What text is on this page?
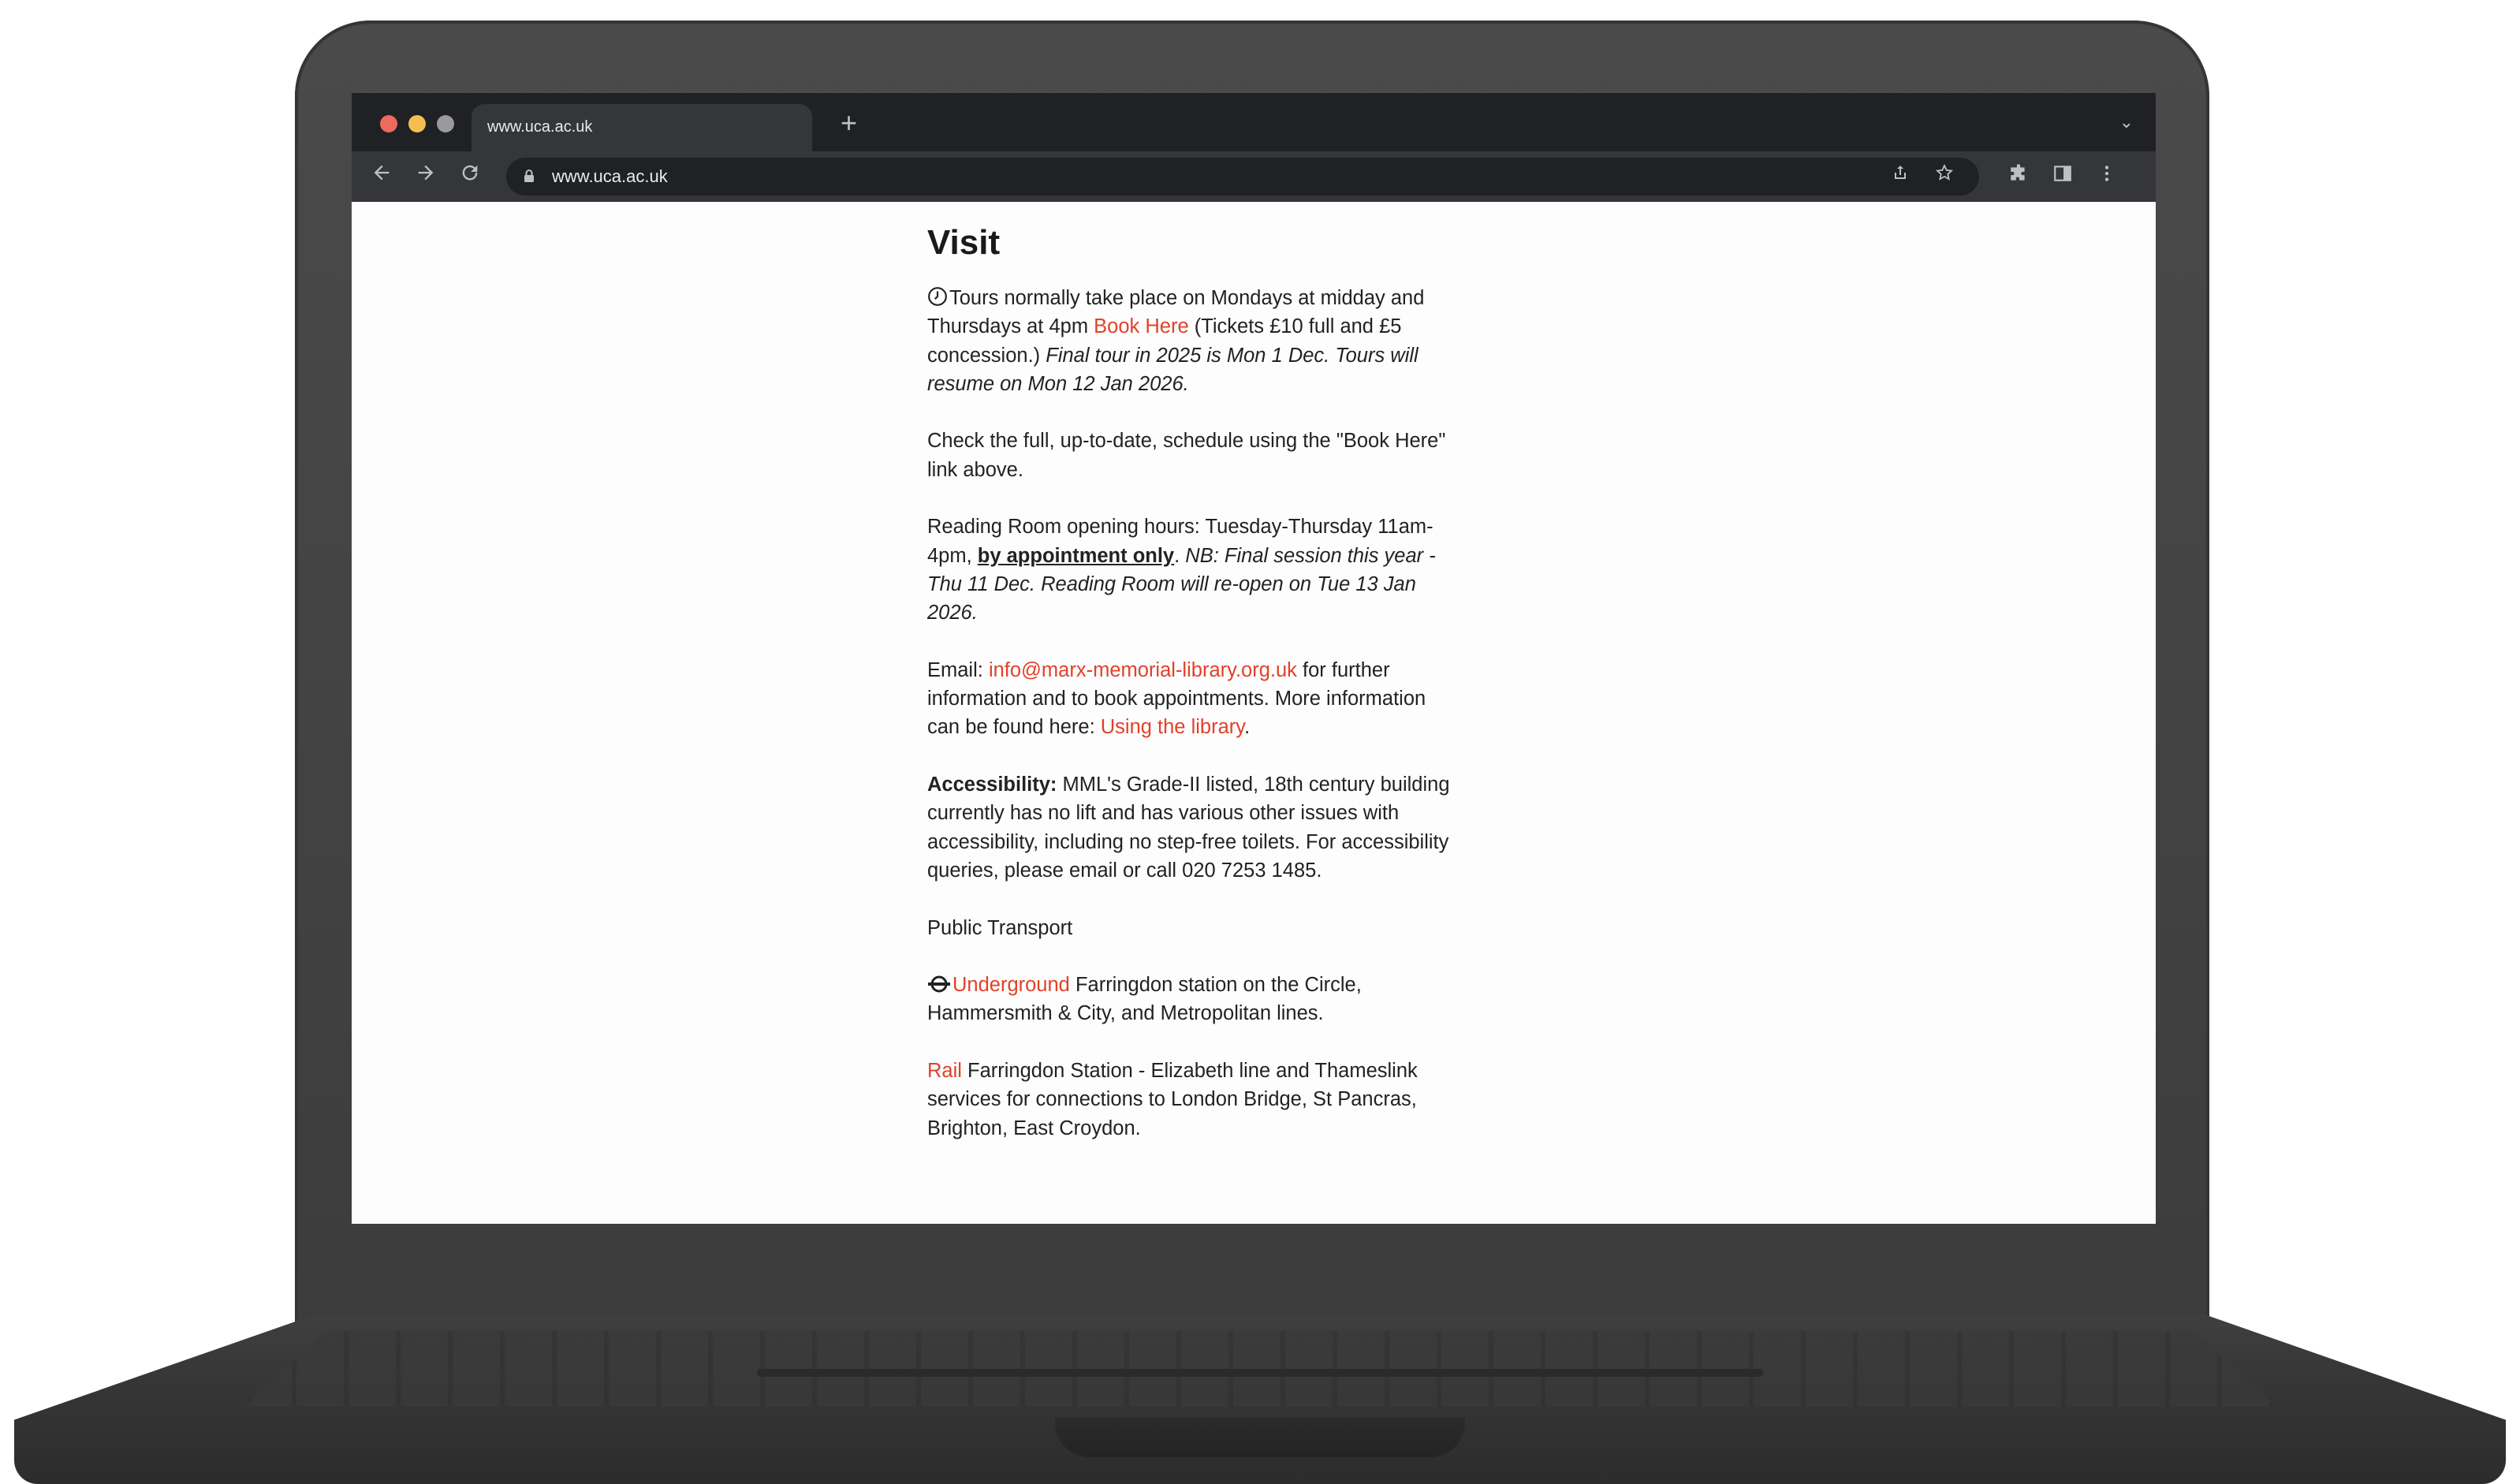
www.uca.ac.uk	+	⌄
www.uca.ac.uk
Visit

Tours normally take place on Mondays at midday and Thursdays at 4pm Book Here (Tickets £10 full and £5 concession.) Final tour in 2025 is Mon 1 Dec. Tours will resume on Mon 12 Jan 2026.

Check the full, up-to-date, schedule using the "Book Here" link above.

Reading Room opening hours: Tuesday-Thursday 11am-4pm, by appointment only. NB: Final session this year - Thu 11 Dec. Reading Room will re-open on Tue 13 Jan 2026.

Email: info@marx-memorial-library.org.uk for further information and to book appointments. More information can be found here: Using the library.

Accessibility: MML's Grade-II listed, 18th century building currently has no lift and has various other issues with accessibility, including no step-free toilets. For accessibility queries, please email or call 020 7253 1485.

Public Transport

Underground Farringdon station on the Circle, Hammersmith & City, and Metropolitan lines.

Rail Farringdon Station - Elizabeth line and Thameslink services for connections to London Bridge, St Pancras, Brighton, East Croydon.
